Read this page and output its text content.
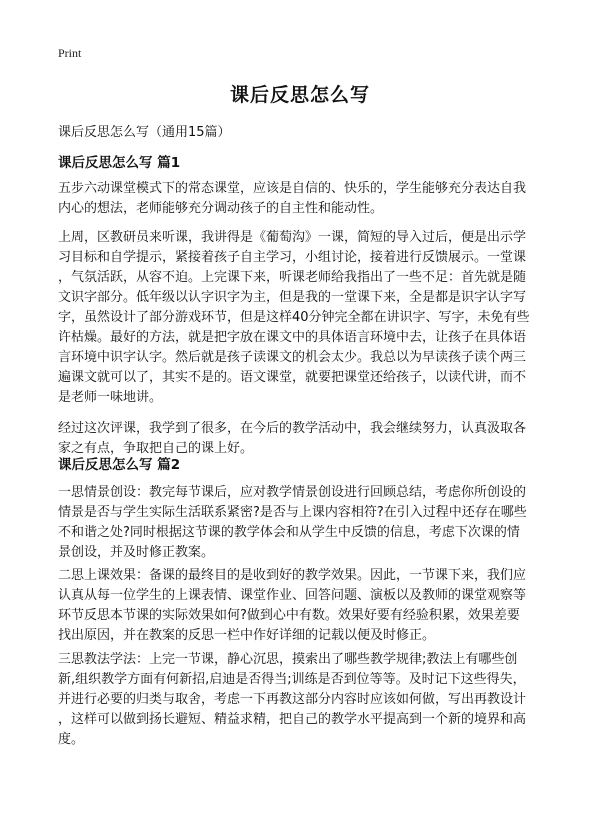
Print
课后反思怎么写
课后反思怎么写（通用15篇）
课后反思怎么写 篇1
五步六动课堂模式下的常态课堂，应该是自信的、快乐的，学生能够充分表达自我
内心的想法，老师能够充分调动孩子的自主性和能动性。
上周，区教研员来听课，我讲得是《葡萄沟》一课，简短的导入过后，便是出示学
习目标和自学提示，紧接着孩子自主学习，小组讨论，接着进行反馈展示。一堂课
，气氛活跃，从容不迫。上完课下来，听课老师给我指出了一些不足：首先就是随
文识字部分。低年级以认字识字为主，但是我的一堂课下来，全是都是识字认字写
字，虽然设计了部分游戏环节，但是这样40分钟完全都在讲识字、写字，未免有些
许枯燥。最好的方法，就是把字放在课文中的具体语言环境中去，让孩子在具体语
言环境中识字认字。然后就是孩子读课文的机会太少。我总以为早读孩子读个两三
遍课文就可以了，其实不是的。语文课堂，就要把课堂还给孩子，以读代讲，而不
是老师一味地讲。
经过这次评课，我学到了很多，在今后的教学活动中，我会继续努力，认真汲取各
家之有点，争取把自己的课上好。
课后反思怎么写 篇2
一思情景创设：教完每节课后，应对教学情景创设进行回顾总结，考虑你所创设的
情景是否与学生实际生活联系紧密?是否与上课内容相符?在引入过程中还存在哪些
不和谐之处?同时根据这节课的教学体会和从学生中反馈的信息，考虑下次课的情
景创设，并及时修正教案。
二思上课效果：备课的最终目的是收到好的教学效果。因此，一节课下来，我们应
认真从每一位学生的上课表情、课堂作业、回答问题、演板以及教师的课堂观察等
环节反思本节课的实际效果如何?做到心中有数。效果好要有经验积累，效果差要
找出原因，并在教案的反思一栏中作好详细的记载以便及时修正。
三思教法学法：上完一节课，静心沉思，摸索出了哪些教学规律;教法上有哪些创
新,组织教学方面有何新招,启迪是否得当;训练是否到位等等。及时记下这些得失，
并进行必要的归类与取舍，考虑一下再教这部分内容时应该如何做，写出再教设计
，这样可以做到扬长避短、精益求精，把自己的教学水平提高到一个新的境界和高
度。
